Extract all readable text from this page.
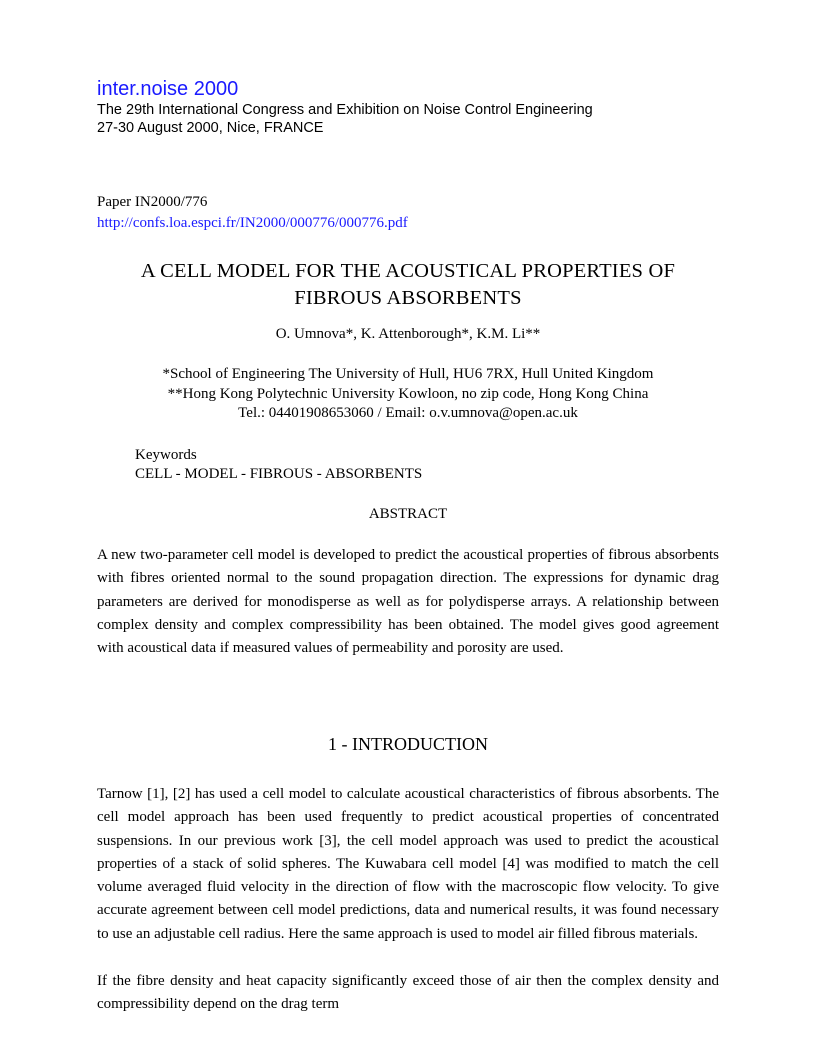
inter.noise 2000
The 29th International Congress and Exhibition on Noise Control Engineering
27-30 August 2000, Nice, FRANCE
Paper IN2000/776
http://confs.loa.espci.fr/IN2000/000776/000776.pdf
A CELL MODEL FOR THE ACOUSTICAL PROPERTIES OF
FIBROUS ABSORBENTS
O. Umnova*, K. Attenborough*, K.M. Li**
*School of Engineering The University of Hull, HU6 7RX, Hull United Kingdom
**Hong Kong Polytechnic University Kowloon, no zip code, Hong Kong China
Tel.: 04401908653060 / Email: o.v.umnova@open.ac.uk
Keywords
CELL - MODEL - FIBROUS - ABSORBENTS
ABSTRACT
A new two-parameter cell model is developed to predict the acoustical properties of fibrous absorbents with fibres oriented normal to the sound propagation direction. The expressions for dynamic drag parameters are derived for monodisperse as well as for polydisperse arrays. A relationship between complex density and complex compressibility has been obtained. The model gives good agreement with acoustical data if measured values of permeability and porosity are used.
1 - INTRODUCTION
Tarnow [1], [2] has used a cell model to calculate acoustical characteristics of fibrous absorbents. The cell model approach has been used frequently to predict acoustical properties of concentrated suspensions. In our previous work [3], the cell model approach was used to predict the acoustical properties of a stack of solid spheres. The Kuwabara cell model [4] was modified to match the cell volume averaged fluid velocity in the direction of flow with the macroscopic flow velocity. To give accurate agreement between cell model predictions, data and numerical results, it was found necessary to use an adjustable cell radius. Here the same approach is used to model air filled fibrous materials.
If the fibre density and heat capacity significantly exceed those of air then the complex density and compressibility depend on the drag term
